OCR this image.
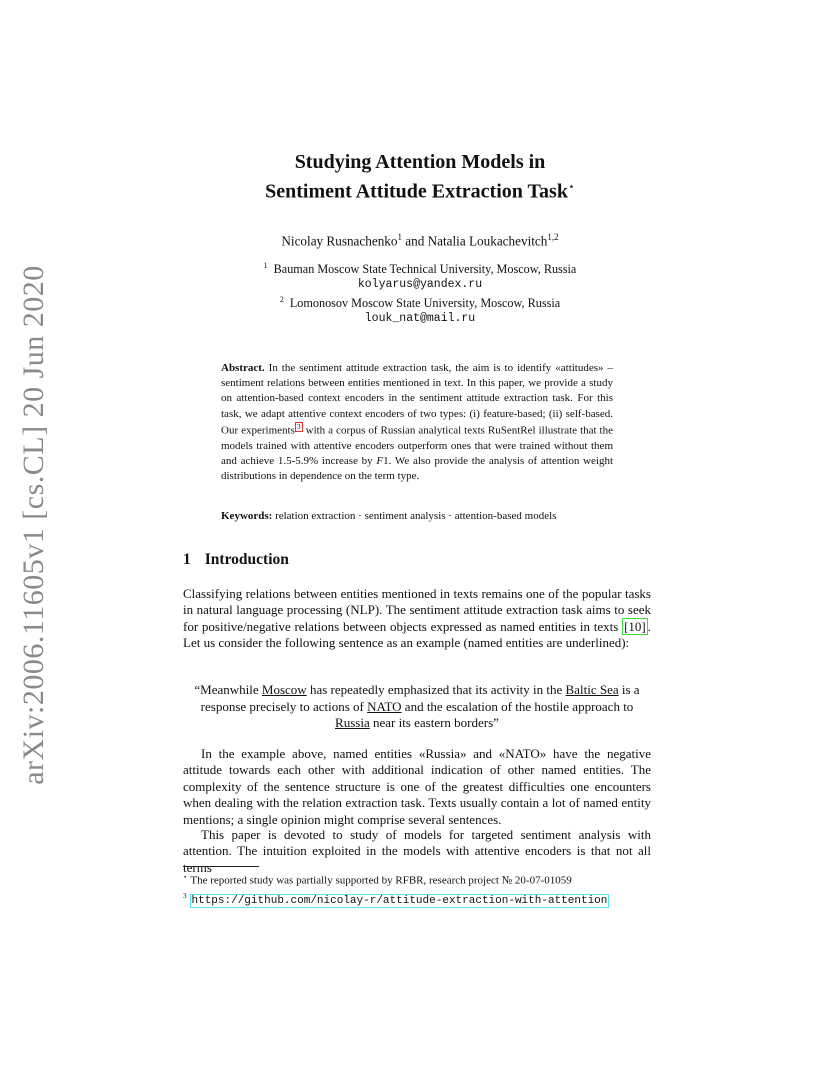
arXiv:2006.11605v1 [cs.CL] 20 Jun 2020
Studying Attention Models in
Sentiment Attitude Extraction Task⋆
Nicolay Rusnachenko$^1$ and Natalia Loukachevitch$^{1,2}$
$^1$ Bauman Moscow State Technical University, Moscow, Russia
kolyarus@yandex.ru
$^2$ Lomonosov Moscow State University, Moscow, Russia
louk_nat@mail.ru
Abstract. In the sentiment attitude extraction task, the aim is to identify «attitudes» – sentiment relations between entities mentioned in text. In this paper, we provide a study on attention-based context encoders in the sentiment attitude extraction task. For this task, we adapt attentive context encoders of two types: (i) feature-based; (ii) self-based. Our experiments 3 with a corpus of Russian analytical texts RuSentRel illustrate that the models trained with attentive encoders outperform ones that were trained without them and achieve 1.5-5.9% increase by F1. We also provide the analysis of attention weight distributions in dependence on the term type.
Keywords: relation extraction · sentiment analysis · attention-based models
1 Introduction
Classifying relations between entities mentioned in texts remains one of the popular tasks in natural language processing (NLP). The sentiment attitude extraction task aims to seek for positive/negative relations between objects expressed as named entities in texts [10] . Let us consider the following sentence as an example (named entities are underlined):
“Meanwhile Moscow has repeatedly emphasized that its activity in the Baltic Sea is a response precisely to actions of NATO and the escalation of the hostile approach to Russia near its eastern borders”
In the example above, named entities «Russia» and «NATO» have the negative attitude towards each other with additional indication of other named entities. The complexity of the sentence structure is one of the greatest difficulties one encounters when dealing with the relation extraction task. Texts usually contain a lot of named entity mentions; a single opinion might comprise several sentences.
This paper is devoted to study of models for targeted sentiment analysis with attention. The intuition exploited in the models with attentive encoders is that not all terms
⋆ The reported study was partially supported by RFBR, research project № 20-07-01059
$^3$ https://github.com/nicolay-r/attitude-extraction-with-attention
